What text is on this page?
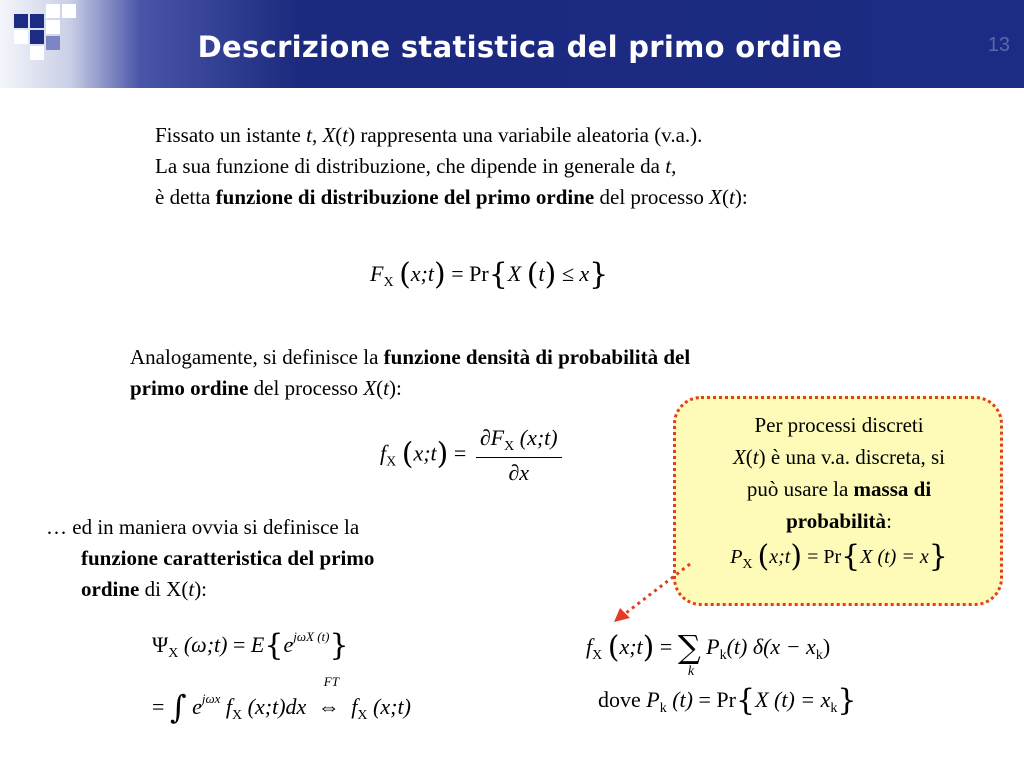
Descrizione statistica del primo ordine	13
Fissato un istante t, X(t) rappresenta una variabile aleatoria (v.a.).
La sua funzione di distribuzione, che dipende in generale da t,
è detta funzione di distribuzione del primo ordine del processo X(t):
$F_X$ (x;t) = Pr{X (t) ≤ x}
Analogamente, si definisce la funzione densità di probabilità del
primo ordine del processo X(t):
$f_X$ (x;t) = $\frac{\partial F_X (x;t)}{\partial x}$
… ed in maniera ovvia si definisce la
funzione caratteristica del primo
ordine di X(t):
$\Psi_X$ (ω;t) = $E\{e^{j\omega X (t)}\}$
= ∫ $e^{j\omega x}$ $f_X$ (x;t)dx
FT
⇔ $f_X$ (x;t)
Per processi discreti
X(t) è una v.a. discreta, si
può usare la massa di
probabilità:
$P_X$ (x;t) = Pr{X (t) = x}
$f_X$ (x;t) = ∑
k
$P_k(t) \delta(x - x_k)$
dove $P_k$ (t) = Pr{X $(t) = x_k$}
